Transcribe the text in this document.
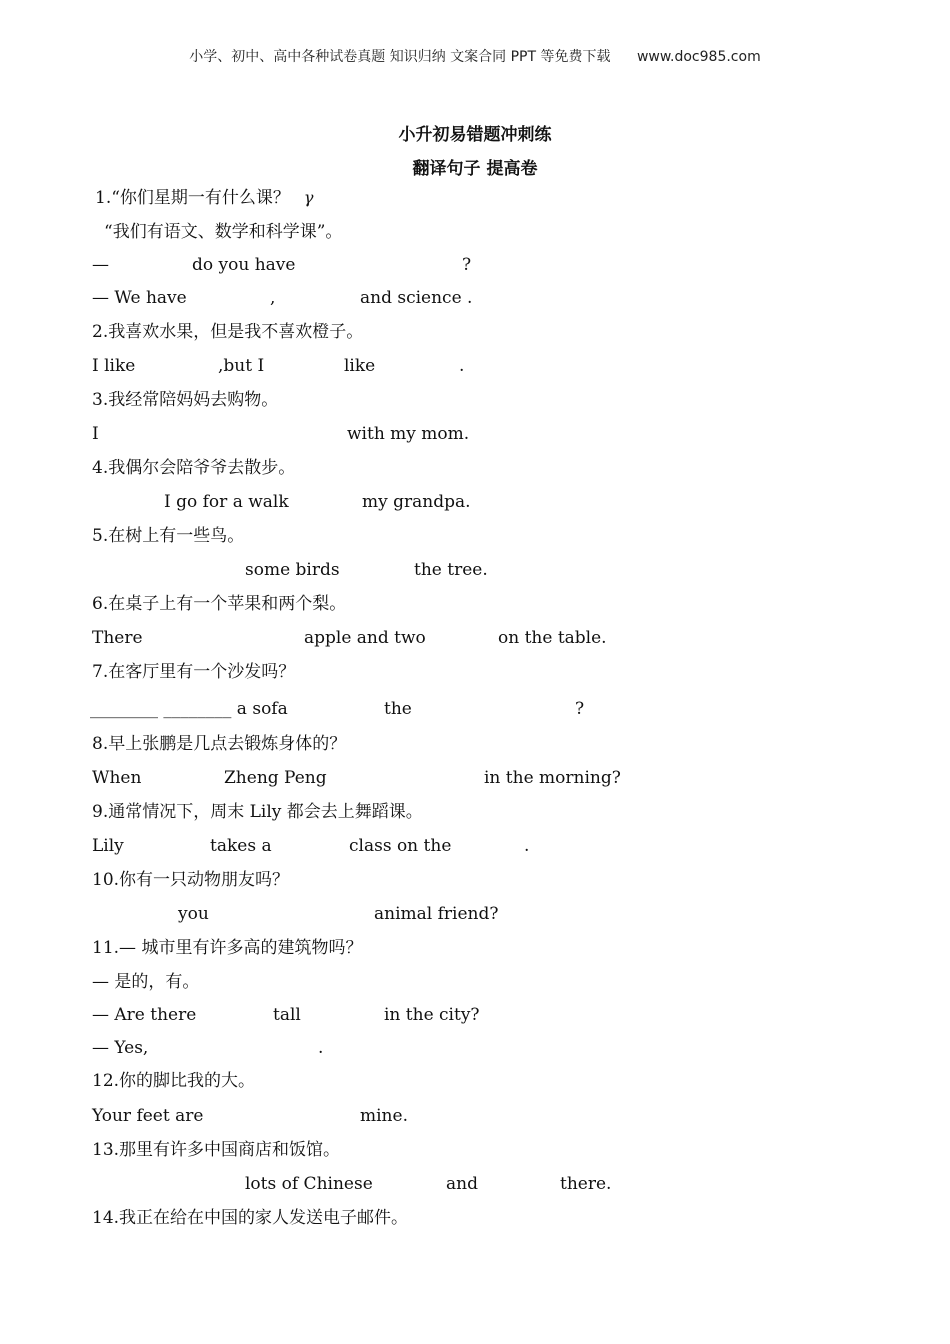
小学、初中、高中各种试卷真题 知识归纳 文案合同 PPT 等免费下载 www.doc985.com
小升初易错题冲刺练
翻译句子 提高卷
1.“你们星期一有什么课？ γ
“我们有语文、数学和科学课”。
—	do you have	?
— We have	,	and science .
2.我喜欢水果，但是我不喜欢橙子。
I like	,but I	like	.
3.我经常陪妈妈去购物。
I	with my mom.
4.我偶尔会陪爷爷去散步。
I go for a walk	my grandpa.
5.在树上有一些鸟。
some birds	the tree.
6.在桌子上有一个苹果和两个梨。
There	apple and two	on the table.
7.在客厅里有一个沙发吗？
________ ________ a sofa	the	?
8.早上张鹏是几点去锻炼身体的？
When	Zheng Peng	in the morning?
9.通常情况下，周末 Lily 都会去上舞蹈课。
Lily	takes a	class on the	.
10.你有一只动物朋友吗？
you	animal friend?
11.— 城市里有许多高的建筑物吗？
— 是的，有。
— Are there	tall	in the city?
— Yes,	.
12.你的脚比我的大。
Your feet are	mine.
13.那里有许多中国商店和饭馆。
lots of Chinese	and	there.
14.我正在给在中国的家人发送电子邮件。
